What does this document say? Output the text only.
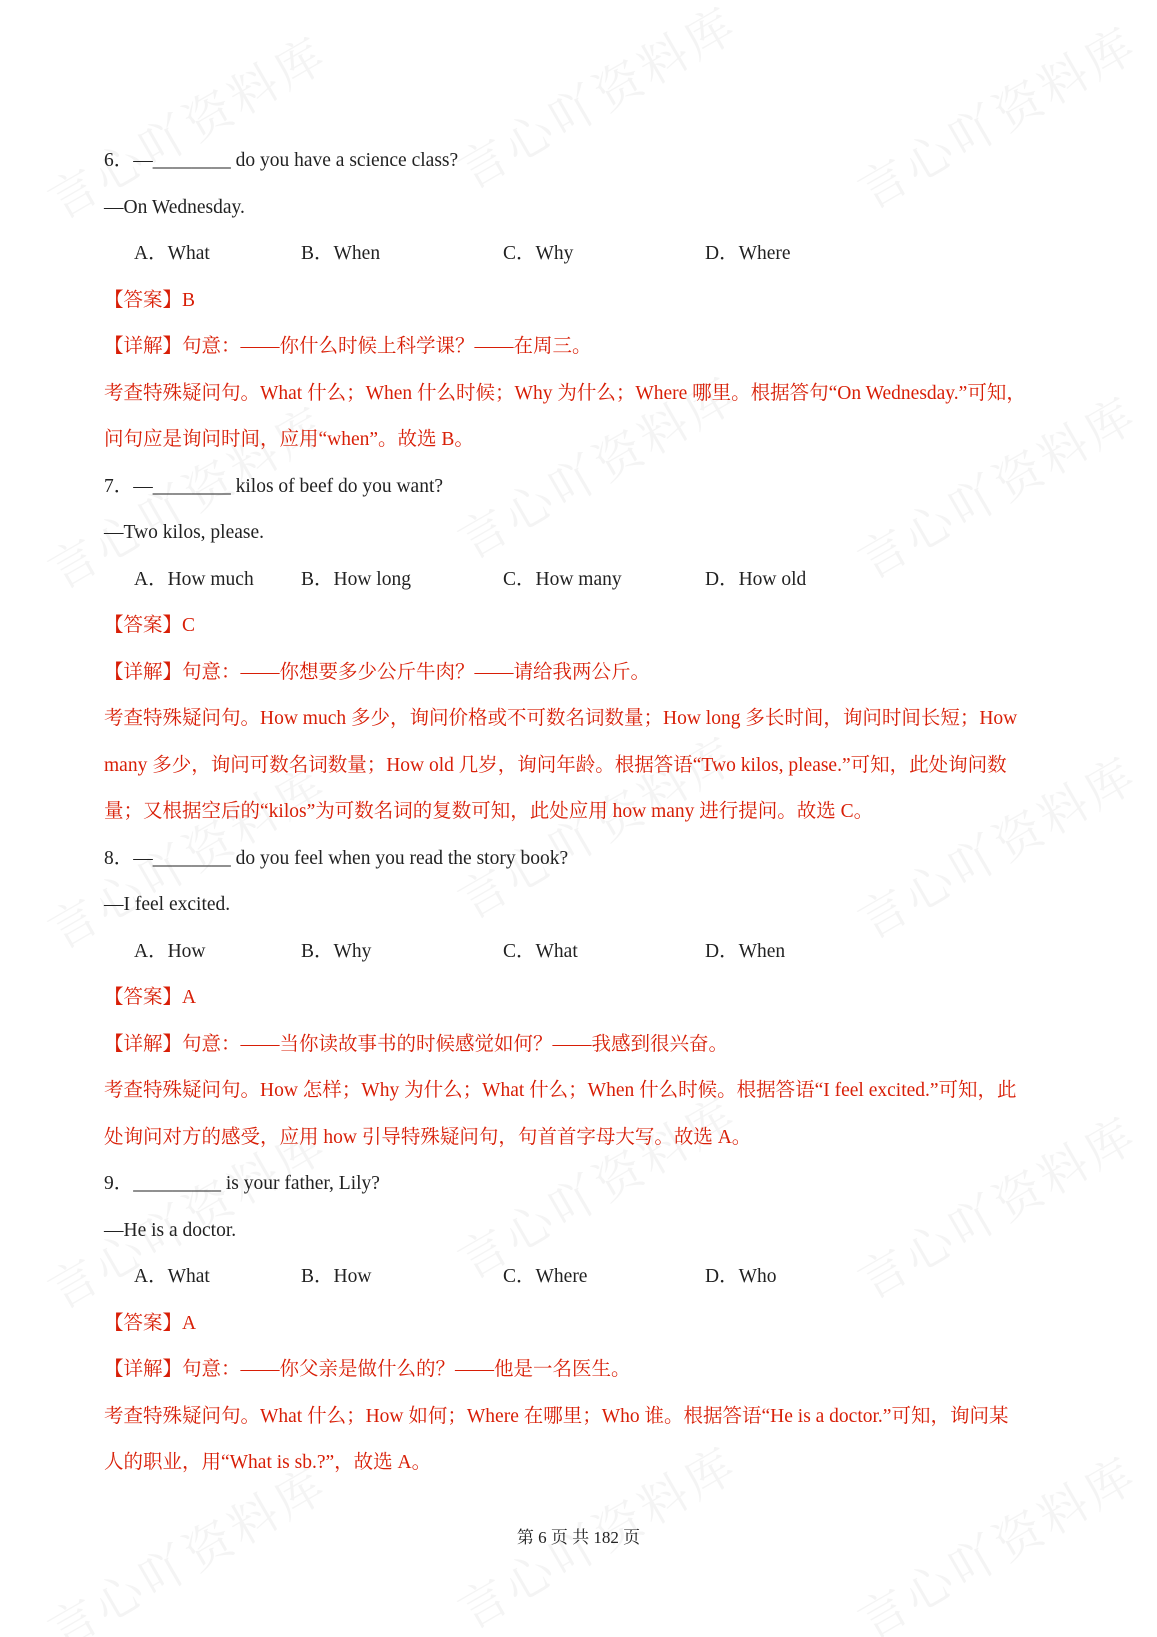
6．—________ do you have a science class?
—On Wednesday.
A．What	B．When	C．Why	D．Where
【答案】B
【详解】句意：——你什么时候上科学课？——在周三。
考查特殊疑问句。What 什么；When 什么时候；Why 为什么；Where 哪里。根据答句“On Wednesday.”可知，
问句应是询问时间，应用“when”。故选 B。
7．—________ kilos of beef do you want?
—Two kilos, please.
A．How much	B．How long	C．How many	D．How old
【答案】C
【详解】句意：——你想要多少公斤牛肉？——请给我两公斤。
考查特殊疑问句。How much 多少，询问价格或不可数名词数量；How long 多长时间，询问时间长短；How
many 多少，询问可数名词数量；How old 几岁，询问年龄。根据答语“Two kilos, please.”可知，此处询问数
量；又根据空后的“kilos”为可数名词的复数可知，此处应用 how many 进行提问。故选 C。
8．—________ do you feel when you read the story book?
—I feel excited.
A．How	B．Why	C．What	D．When
【答案】A
【详解】句意：——当你读故事书的时候感觉如何？——我感到很兴奋。
考查特殊疑问句。How 怎样；Why 为什么；What 什么；When 什么时候。根据答语“I feel excited.”可知，此
处询问对方的感受，应用 how 引导特殊疑问句，句首首字母大写。故选 A。
9．_________ is your father, Lily?
—He is a doctor.
A．What	B．How	C．Where	D．Who
【答案】A
【详解】句意：——你父亲是做什么的？——他是一名医生。
考查特殊疑问句。What 什么；How 如何；Where 在哪里；Who 谁。根据答语“He is a doctor.”可知，询问某
人的职业，用“What is sb.?”，故选 A。
第 6 页 共 182 页
